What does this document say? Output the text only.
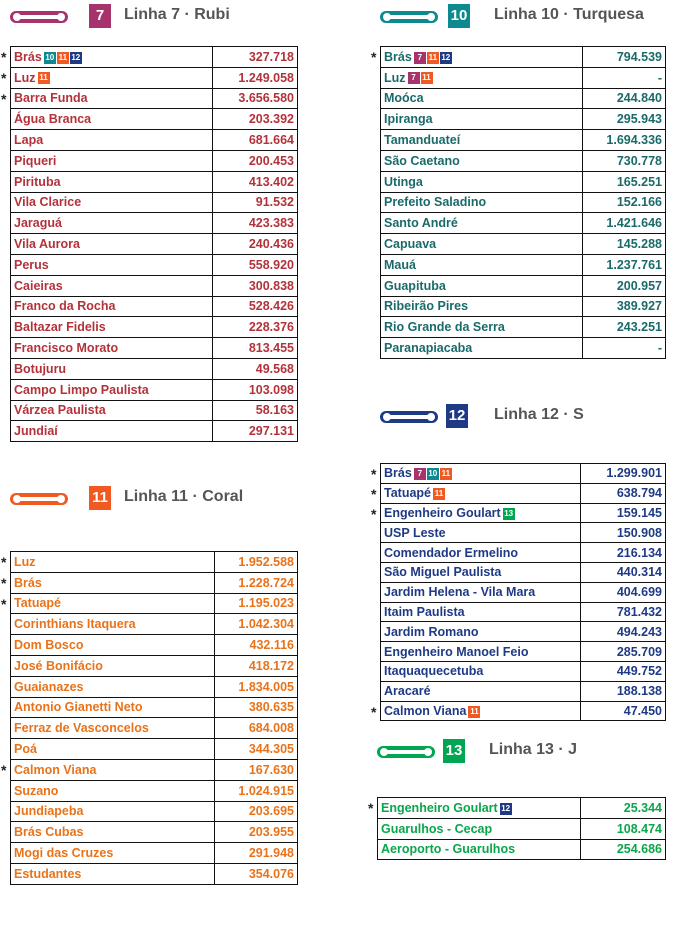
7	Linha 7 · Rubi
* Brás 10 11 12	327.718

* Luz 11	1.249.058

* Barra Funda	3.656.580
Água Branca	203.392
Lapa	681.664
Piqueri	200.453
Pirituba	413.402
Vila Clarice	91.532
Jaraguá	423.383
Vila Aurora	240.436
Perus	558.920
Caieiras	300.838
Franco da Rocha	528.426
Baltazar Fidelis	228.376
Francisco Morato	813.455
Botujuru	49.568
Campo Limpo Paulista	103.098
Várzea Paulista	58.163
Jundiaí	297.131
11 Linha 11 · Coral
* Luz	1.952.588

* Brás	1.228.724

* Tatuapé	1.195.023
Corinthians Itaquera	1.042.304
Dom Bosco	432.116
José Bonifácio	418.172
Guaianazes	1.834.005
Antonio Gianetti Neto	380.635
Ferraz de Vasconcelos	684.008
Poá	344.305

* Calmon Viana	167.630
Suzano	1.024.915
Jundiapeba	203.695
Brás Cubas	203.955
Mogi das Cruzes	291.948
Estudantes	354.076
10 Linha 10 · Turquesa
* Brás 7 11 12	794.539
Luz 7 11	-
Moóca	244.840
Ipiranga	295.943
Tamanduateí	1.694.336
São Caetano	730.778
Utinga	165.251
Prefeito Saladino	152.166
Santo André	1.421.646
Capuava	145.288
Mauá	1.237.761
Guapituba	200.957
Ribeirão Pires	389.927
Rio Grande da Serra	243.251
Paranapiacaba	-
12 Linha 12 · S
* Brás 7 10 11	1.299.901

* Tatuapé 11	638.794

* Engenheiro Goulart 13	159.145
USP Leste	150.908
Comendador Ermelino	216.134
São Miguel Paulista	440.314
Jardim Helena - Vila Mara	404.699
Itaim Paulista	781.432
Jardim Romano	494.243
Engenheiro Manoel Feio	285.709
Itaquaquecetuba	449.752
Aracaré	188.138

* Calmon Viana 11	47.450
13 Linha 13 · J
* Engenheiro Goulart 12	25.344
Guarulhos - Cecap	108.474
Aeroporto - Guarulhos	254.686
